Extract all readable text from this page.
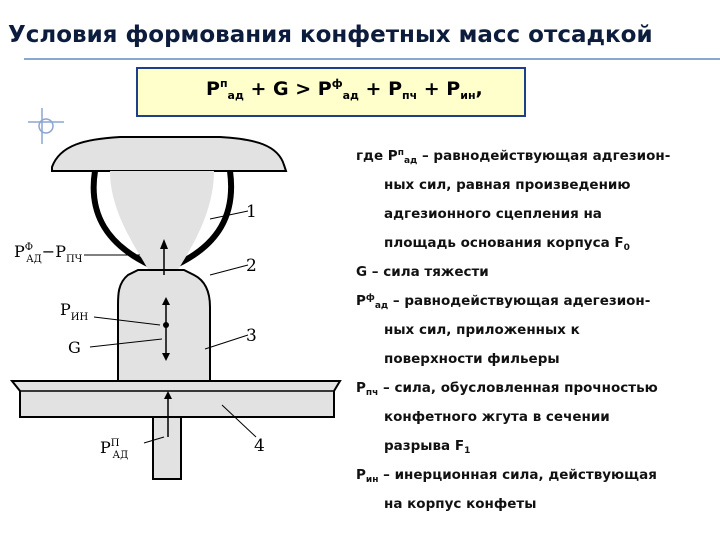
Условия формования конфетных масс отсадкой
$P^п_{ад} + G > P^ф_{ад} + P_{пч} + P_{ин}$,
1
2
3
4
$P^Ф$ $АД-P_{ПЧ}$
$P_{ИН}$
G
$P^П$ АД
где $P^п_{ад}$ – равнодействующая адгезион-
ных сил, равная произведению
адгезионного сцепления на
площадь основания корпуса $F_0$
G – сила тяжести
$P^ф_{ад}$ – равнодействующая адегезион-
ных сил, приложенных к
поверхности фильеры
$P_{пч}$ – сила, обусловленная прочностью
конфетного жгута в сечении
разрыва $F_1$
$P_{ин}$ – инерционная сила, действующая
на корпус конфеты
